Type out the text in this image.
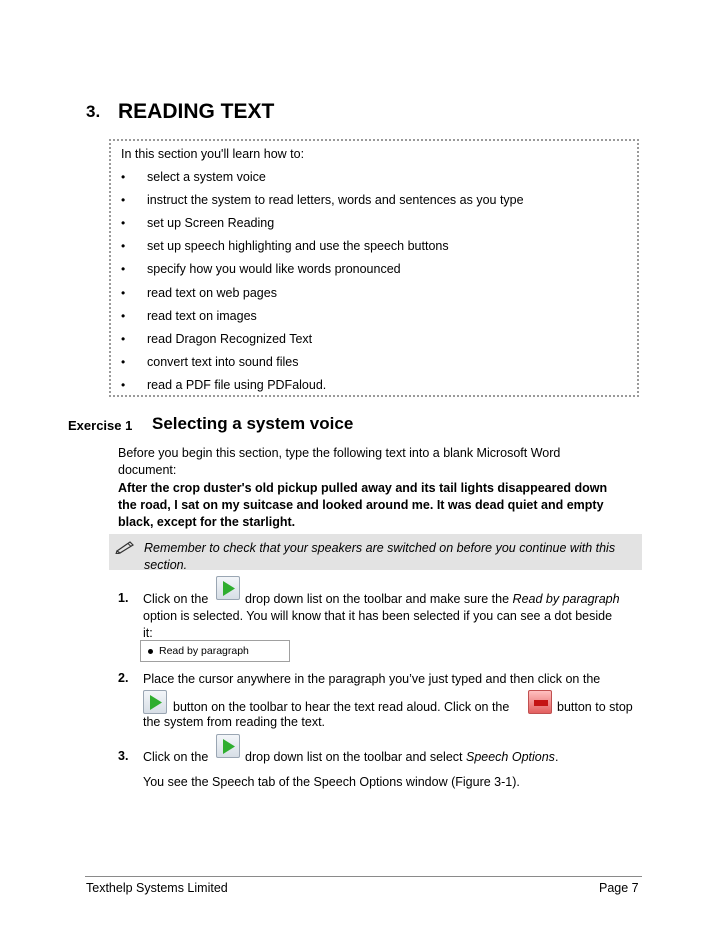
3. READING TEXT
In this section you'll learn how to:
• select a system voice
• instruct the system to read letters, words and sentences as you type
• set up Screen Reading
• set up speech highlighting and use the speech buttons
• specify how you would like words pronounced
• read text on web pages
• read text on images
• read Dragon Recognized Text
• convert text into sound files
• read a PDF file using PDFaloud.
Exercise 1 Selecting a system voice
Before you begin this section, type the following text into a blank Microsoft Word
document:
After the crop duster's old pickup pulled away and its tail lights disappeared down
the road, I sat on my suitcase and looked around me. It was dead quiet and empty
black, except for the starlight.
Remember to check that your speakers are switched on before you continue with this
section.
1. Click on the	drop down list on the toolbar and make sure the Read by paragraph
option is selected. You will know that it has been selected if you can see a dot beside
it:
Read by paragraph
2. Place the cursor anywhere in the paragraph you’ve just typed and then click on the
button on the toolbar to hear the text read aloud. Click on the	button to stop
the system from reading the text.
3. Click on the	drop down list on the toolbar and select Speech Options.
You see the Speech tab of the Speech Options window (Figure 3-1).
Texthelp Systems Limited	Page 7
